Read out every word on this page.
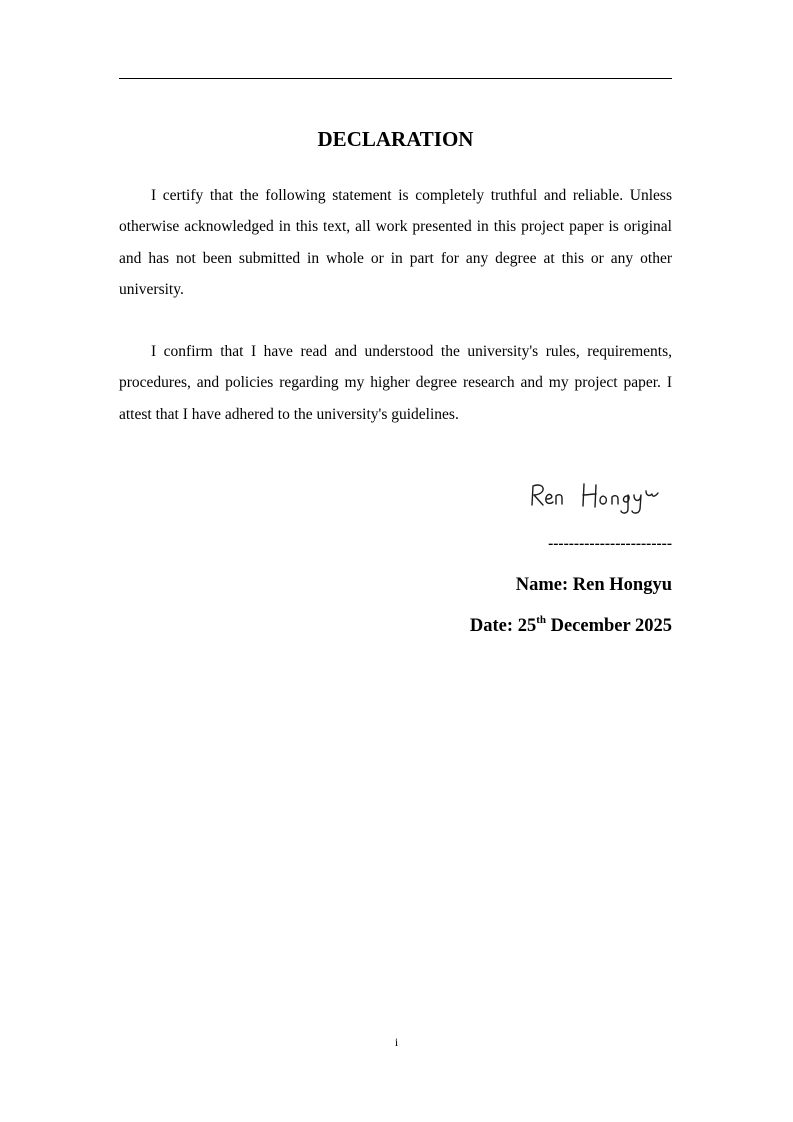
DECLARATION

I certify that the following statement is completely truthful and reliable. Unless otherwise acknowledged in this text, all work presented in this project paper is original and has not been submitted in whole or in part for any degree at this or any other university.

I confirm that I have read and understood the university's rules, requirements, procedures, and policies regarding my higher degree research and my project paper. I attest that I have adhered to the university's guidelines.

------------------------
Name: Ren Hongyu
Date: 25th December 2025
i
